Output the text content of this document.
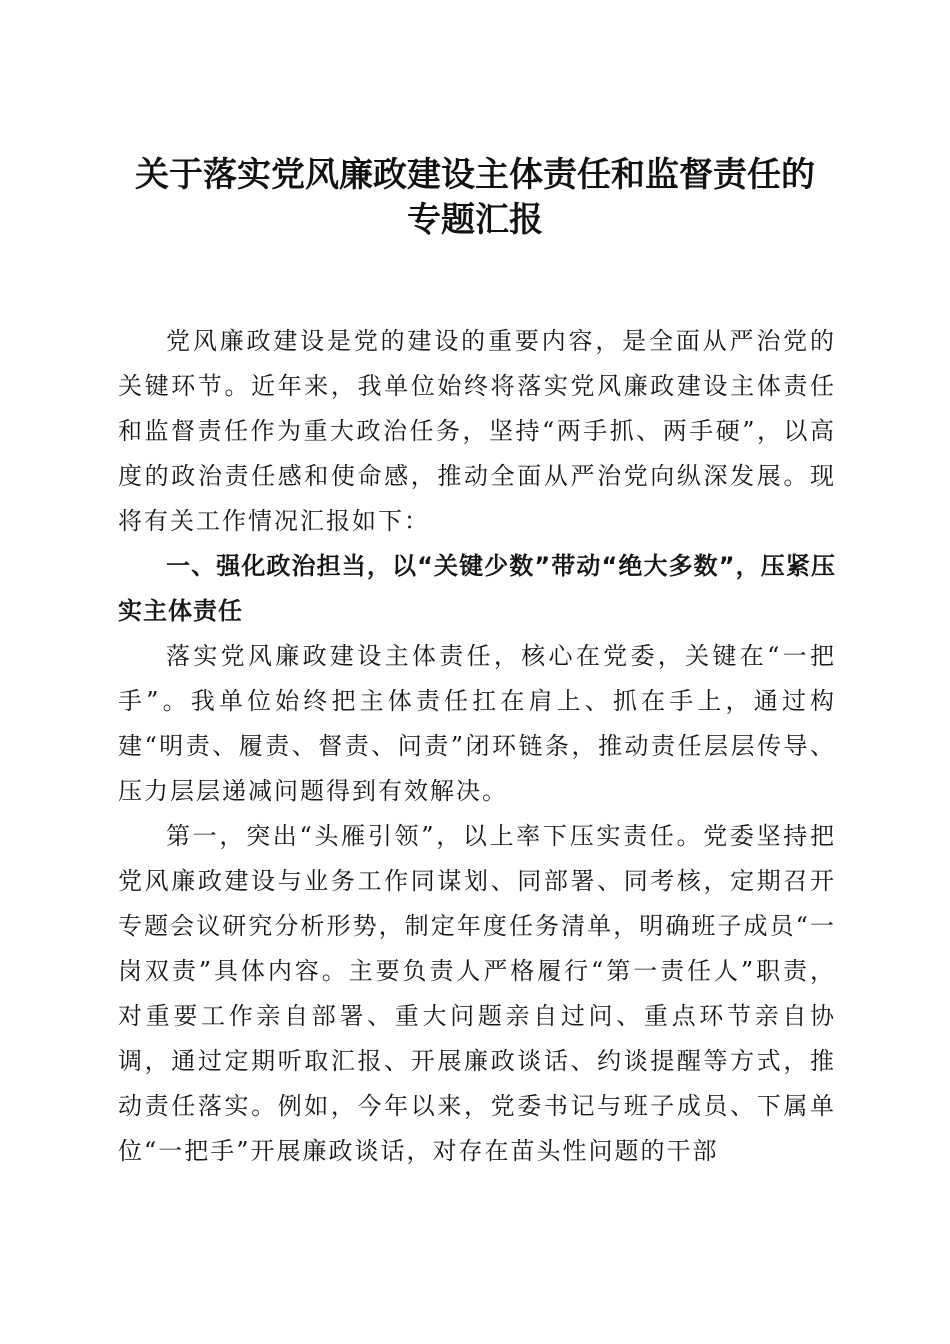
关于落实党风廉政建设主体责任和监督责任的
专题汇报

党风廉政建设是党的建设的重要内容，是全面从严治党的关键环节。近年来，我单位始终将落实党风廉政建设主体责任和监督责任作为重大政治任务，坚持“两手抓、两手硬”，以高度的政治责任感和使命感，推动全面从严治党向纵深发展。现将有关工作情况汇报如下：

一、强化政治担当，以“关键少数”带动“绝大多数”，压紧压实主体责任

落实党风廉政建设主体责任，核心在党委，关键在“一把手”。我单位始终把主体责任扛在肩上、抓在手上，通过构建“明责、履责、督责、问责”闭环链条，推动责任层层传导、压力层层递减问题得到有效解决。

第一，突出“头雁引领”，以上率下压实责任。党委坚持把党风廉政建设与业务工作同谋划、同部署、同考核，定期召开专题会议研究分析形势，制定年度任务清单，明确班子成员“一岗双责”具体内容。主要负责人严格履行“第一责任人”职责，对重要工作亲自部署、重大问题亲自过问、重点环节亲自协调，通过定期听取汇报、开展廉政谈话、约谈提醒等方式，推动责任落实。例如，今年以来，党委书记与班子成员、下属单位“一把手”开展廉政谈话，对存在苗头性问题的干部
